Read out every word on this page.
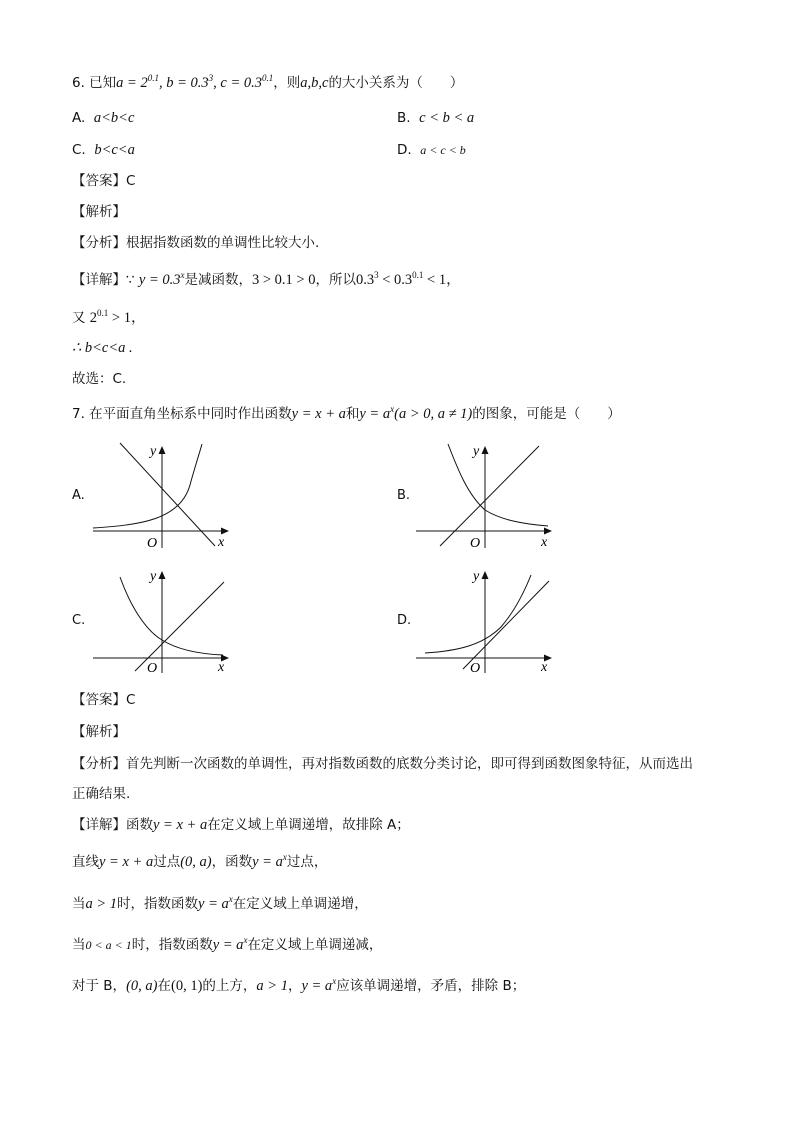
6. 已知$a = 2^{0.1}$, $b = 0.3^3$, $c = 0.3^{0.1}$，则a,b,c的大小关系为（　　）
A. a<b<c	B. c < b < a
C. b<c<a	D. a < c < b
【答案】C
【解析】
【分析】根据指数函数的单调性比较大小.
【详解】∵ $y = 0.3^x$是减函数，3 > 0.1 > 0，所以$0.3^3 < 0.3^{0.1} < 1$，
又 $2^{0.1} > 1$，
∴ b<c<a .
故选：C.
7. 在平面直角坐标系中同时作出函数y = x + a和$y = a^x(a > 0$, a ≠ 1)的图象，可能是（　　）
A.	B.
C.	D.
y
x
O
y
x
O
y
x
O
y
x
O
【答案】C
【解析】
【分析】首先判断一次函数的单调性，再对指数函数的底数分类讨论，即可得到函数图象特征，从而选出
正确结果.
【详解】函数y = x + a在定义域上单调递增，故排除 A；
直线y = x + a过点(0, a)，函数$y = a^x$过点，
当a > 1时，指数函数$y = a^x$在定义域上单调递增，
当0 < a < 1时，指数函数$y = a^x$在定义域上单调递减，
对于 B，(0, a)在(0, 1)的上方，a > 1，$y = a^x$应该单调递增，矛盾，排除 B；
